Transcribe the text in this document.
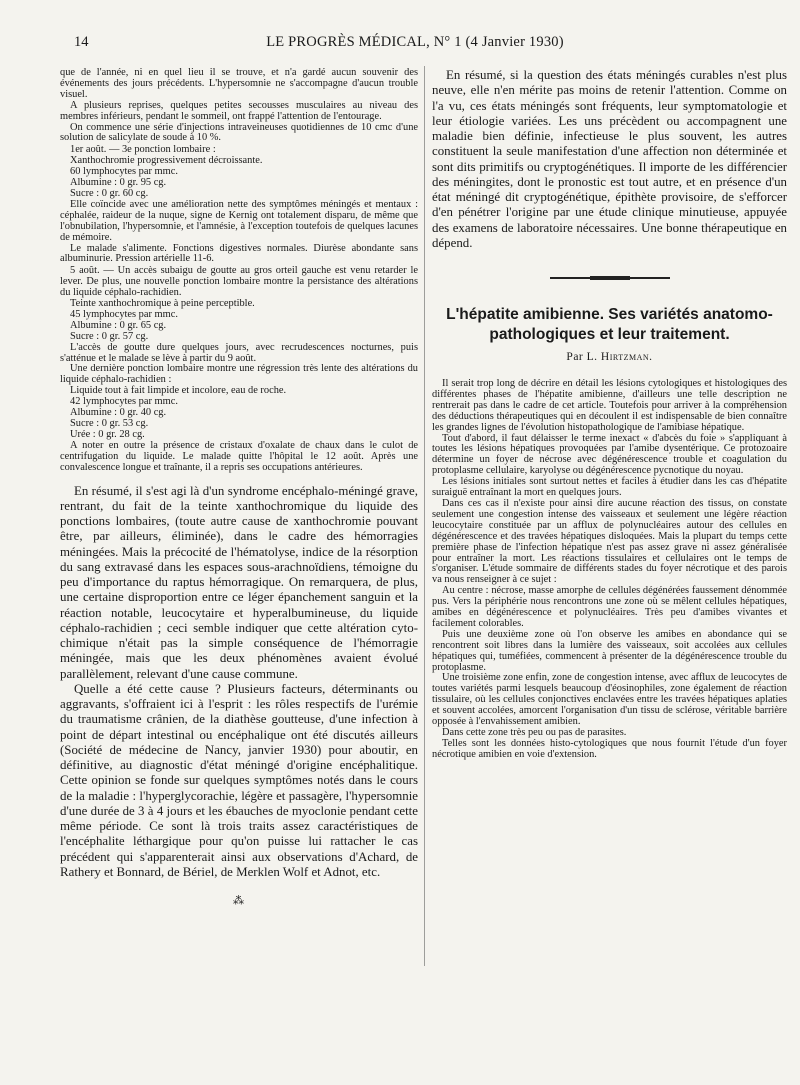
14	LE PROGRÈS MÉDICAL, N° 1 (4 Janvier 1930)

que de l'année, ni en quel lieu il se trouve, et n'a gardé aucun souvenir des événements des jours précédents. L'hypersomnie ne s'accompagne d'aucun trouble visuel.

A plusieurs reprises, quelques petites secousses musculaires au niveau des membres inférieurs, pendant le sommeil, ont frappé l'attention de l'entourage.

On commence une série d'injections intraveineuses quotidiennes de 10 cmc d'une solution de salicylate de soude à 10 %.

1er août. — 3e ponction lombaire :

Xanthochromie progressivement décroissante.

60 lymphocytes par mmc.

Albumine : 0 gr. 95 cg.

Sucre : 0 gr. 60 cg.

Elle coïncide avec une amélioration nette des symptômes méningés et mentaux : céphalée, raideur de la nuque, signe de Kernig ont totalement disparu, de même que l'obnubilation, l'hypersomnie, et l'amnésie, à l'exception toutefois de quelques lacunes de mémoire.

Le malade s'alimente. Fonctions digestives normales. Diurèse abondante sans albuminurie. Pression artérielle 11-6.

5 août. — Un accès subaigu de goutte au gros orteil gauche est venu retarder le lever. De plus, une nouvelle ponction lombaire montre la persistance des altérations du liquide céphalo-rachidien.

Teinte xanthochromique à peine perceptible.

45 lymphocytes par mmc.

Albumine : 0 gr. 65 cg.

Sucre : 0 gr. 57 cg.

L'accès de goutte dure quelques jours, avec recrudescences nocturnes, puis s'atténue et le malade se lève à partir du 9 août.

Une dernière ponction lombaire montre une régression très lente des altérations du liquide céphalo-rachidien :

Liquide tout à fait limpide et incolore, eau de roche.

42 lymphocytes par mmc.

Albumine : 0 gr. 40 cg.

Sucre : 0 gr. 53 cg.

Urée : 0 gr. 28 cg.

A noter en outre la présence de cristaux d'oxalate de chaux dans le culot de centrifugation du liquide. Le malade quitte l'hôpital le 12 août. Après une convalescence longue et traînante, il a repris ses occupations antérieures.

En résumé, il s'est agi là d'un syndrome encéphalo-méningé grave, rentrant, du fait de la teinte xanthochromique du liquide des ponctions lombaires, (toute autre cause de xanthochromie pouvant être, par ailleurs, éliminée), dans le cadre des hémorragies méningées. Mais la précocité de l'hématolyse, indice de la résorption du sang extravasé dans les espaces sous-arachnoïdiens, témoigne du peu d'importance du raptus hémorragique. On remarquera, de plus, une certaine disproportion entre ce léger épanchement sanguin et la réaction notable, leucocytaire et hyperalbumineuse, du liquide céphalo-rachidien ; ceci semble indiquer que cette altération cyto-chimique n'était pas la simple conséquence de l'hémorragie méningée, mais que les deux phénomènes avaient évolué parallèlement, relevant d'une cause commune.

Quelle a été cette cause ? Plusieurs facteurs, déterminants ou aggravants, s'offraient ici à l'esprit : les rôles respectifs de l'urémie du traumatisme crânien, de la diathèse goutteuse, d'une infection à point de départ intestinal ou encéphalique ont été discutés ailleurs (Société de médecine de Nancy, janvier 1930) pour aboutir, en définitive, au diagnostic d'état méningé d'origine encéphalitique. Cette opinion se fonde sur quelques symptômes notés dans le cours de la maladie : l'hyperglycorachie, légère et passagère, l'hypersomnie d'une durée de 3 à 4 jours et les ébauches de myoclonie pendant cette même période. Ce sont là trois traits assez caractéristiques de l'encéphalite léthargique pour qu'on puisse lui rattacher le cas précédent qui s'apparenterait ainsi aux observations d'Achard, de Rathery et Bonnard, de Bériel, de Merklen Wolf et Adnot, etc.

⁂

En résumé, si la question des états méningés curables n'est plus neuve, elle n'en mérite pas moins de retenir l'attention. Comme on l'a vu, ces états méningés sont fréquents, leur symptomatologie et leur étiologie variées. Les uns précèdent ou accompagnent une maladie bien définie, infectieuse le plus souvent, les autres constituent la seule manifestation d'une affection non déterminée et sont dits primitifs ou cryptogénétiques. Il importe de les différencier des méningites, dont le pronostic est tout autre, et en présence d'un état méningé dit cryptogénétique, épithète provisoire, de s'efforcer d'en pénétrer l'origine par une étude clinique minutieuse, appuyée des examens de laboratoire nécessaires. Une bonne thérapeutique en dépend.

L'hépatite amibienne. Ses variétés anatomo-pathologiques et leur traitement.
Par L. Hirtzman.

Il serait trop long de décrire en détail les lésions cytologiques et histologiques des différentes phases de l'hépatite amibienne, d'ailleurs une telle description ne rentrerait pas dans le cadre de cet article. Toutefois pour arriver à la compréhension des déductions thérapeutiques qui en découlent il est indispensable de bien connaître les grandes lignes de l'évolution histopathologique de l'amibiase hépatique.

Tout d'abord, il faut délaisser le terme inexact « d'abcès du foie » s'appliquant à toutes les lésions hépatiques provoquées par l'amibe dysentérique. Ce protozoaire détermine un foyer de nécrose avec dégénérescence trouble et coagulation du protoplasme cellulaire, karyolyse ou dégénérescence pycnotique du noyau.

Les lésions initiales sont surtout nettes et faciles à étudier dans les cas d'hépatite suraiguë entraînant la mort en quelques jours.

Dans ces cas il n'existe pour ainsi dire aucune réaction des tissus, on constate seulement une congestion intense des vaisseaux et seulement une légère réaction leucocytaire constituée par un afflux de polynucléaires autour des cellules en dégénérescence et des travées hépatiques disloquées. Mais la plupart du temps cette première phase de l'infection hépatique n'est pas assez grave ni assez généralisée pour entraîner la mort. Les réactions tissulaires et cellulaires ont le temps de s'organiser. L'étude sommaire de différents stades du foyer nécrotique et des parois va nous renseigner à ce sujet :

Au centre : nécrose, masse amorphe de cellules dégénérées faussement dénommée pus. Vers la périphérie nous rencontrons une zone où se mêlent cellules hépatiques, amibes en dégénérescence et polynucléaires. Très peu d'amibes vivantes et facilement colorables.

Puis une deuxième zone où l'on observe les amibes en abondance qui se rencontrent soit libres dans la lumière des vaisseaux, soit accolées aux cellules hépatiques qui, tuméfiées, commencent à présenter de la dégénérescence trouble du protoplasme.

Une troisième zone enfin, zone de congestion intense, avec afflux de leucocytes de toutes variétés parmi lesquels beaucoup d'éosinophiles, zone également de réaction tissulaire, où les cellules conjonctives enclavées entre les travées hépatiques aplaties et souvent accolées, amorcent l'organisation d'un tissu de sclérose, véritable barrière opposée à l'envahissement amibien.

Dans cette zone très peu ou pas de parasites.

Telles sont les données histo-cytologiques que nous fournit l'étude d'un foyer nécrotique amibien en voie d'extension.
